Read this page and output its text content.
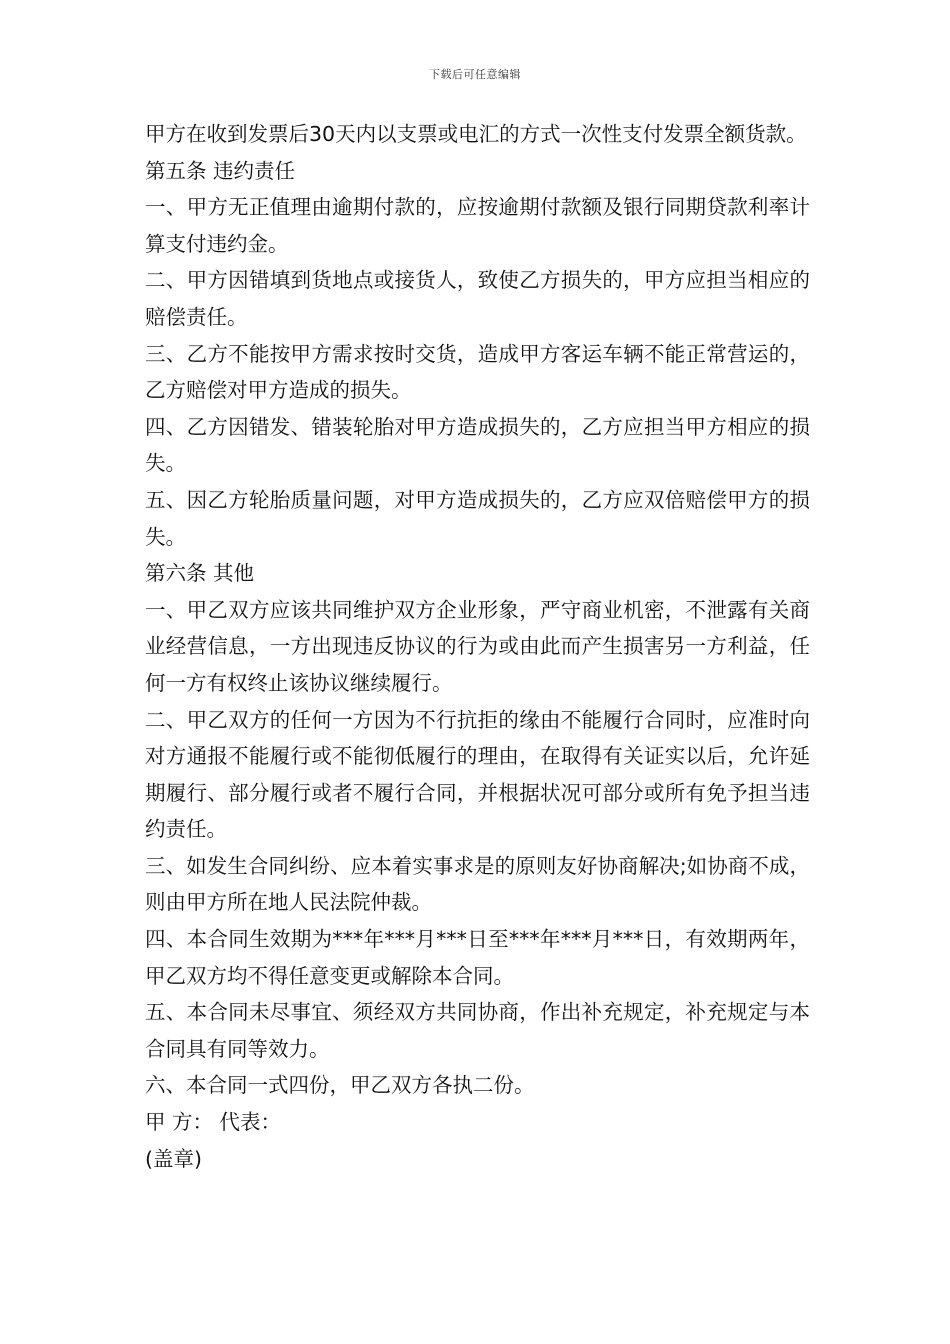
下载后可任意编辑

甲方在收到发票后30天内以支票或电汇的方式一次性支付发票全额货款。

第五条 违约责任

一、甲方无正值理由逾期付款的，应按逾期付款额及银行同期贷款利率计算支付违约金。

二、甲方因错填到货地点或接货人，致使乙方损失的，甲方应担当相应的赔偿责任。

三、乙方不能按甲方需求按时交货，造成甲方客运车辆不能正常营运的，乙方赔偿对甲方造成的损失。

四、乙方因错发、错装轮胎对甲方造成损失的，乙方应担当甲方相应的损失。

五、因乙方轮胎质量问题，对甲方造成损失的，乙方应双倍赔偿甲方的损失。

第六条 其他

一、甲乙双方应该共同维护双方企业形象，严守商业机密，不泄露有关商业经营信息，一方出现违反协议的行为或由此而产生损害另一方利益，任何一方有权终止该协议继续履行。

二、甲乙双方的任何一方因为不行抗拒的缘由不能履行合同时，应准时向对方通报不能履行或不能彻低履行的理由，在取得有关证实以后，允许延期履行、部分履行或者不履行合同，并根据状况可部分或所有免予担当违约责任。

三、如发生合同纠纷、应本着实事求是的原则友好协商解决;如协商不成，则由甲方所在地人民法院仲裁。

四、本合同生效期为***年***月***日至***年***月***日，有效期两年，甲乙双方均不得任意变更或解除本合同。

五、本合同未尽事宜、须经双方共同协商，作出补充规定，补充规定与本合同具有同等效力。

六、本合同一式四份，甲乙双方各执二份。

甲 方： 代表：

(盖章)
